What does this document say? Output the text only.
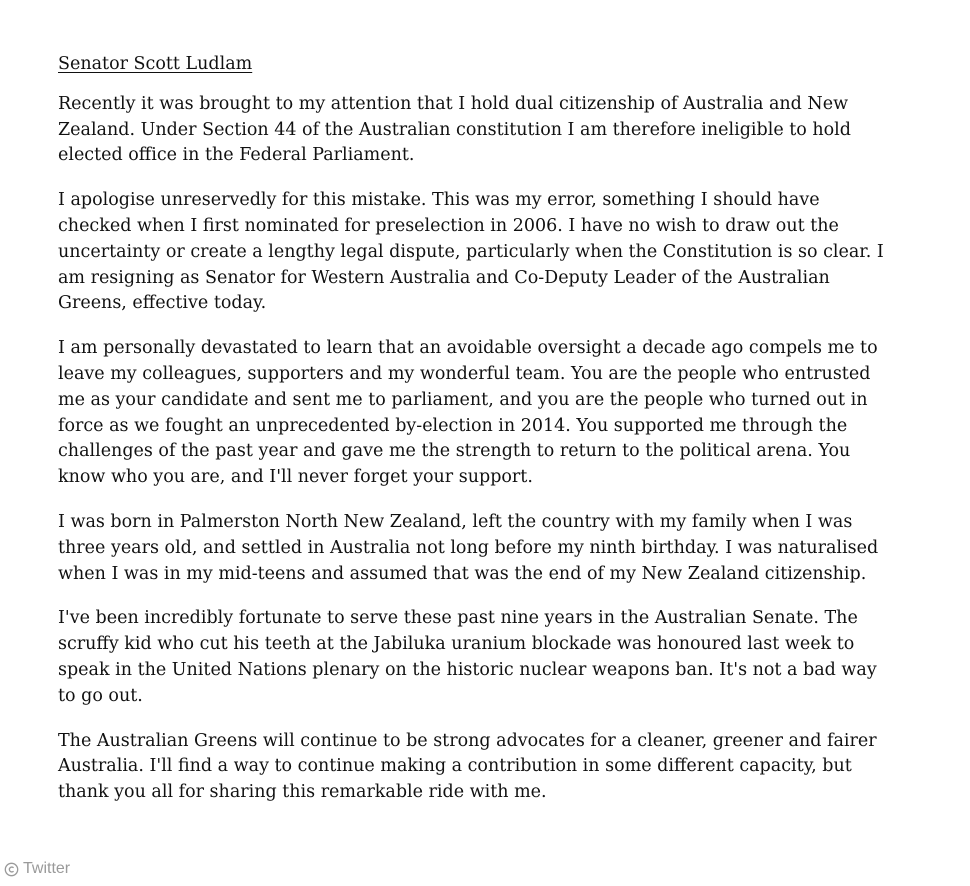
Senator Scott Ludlam
Recently it was brought to my attention that I hold dual citizenship of Australia and New
Zealand. Under Section 44 of the Australian constitution I am therefore ineligible to hold
elected office in the Federal Parliament.
I apologise unreservedly for this mistake. This was my error, something I should have
checked when I first nominated for preselection in 2006. I have no wish to draw out the
uncertainty or create a lengthy legal dispute, particularly when the Constitution is so clear. I
am resigning as Senator for Western Australia and Co-Deputy Leader of the Australian
Greens, effective today.
I am personally devastated to learn that an avoidable oversight a decade ago compels me to
leave my colleagues, supporters and my wonderful team. You are the people who entrusted
me as your candidate and sent me to parliament, and you are the people who turned out in
force as we fought an unprecedented by-election in 2014. You supported me through the
challenges of the past year and gave me the strength to return to the political arena. You
know who you are, and I'll never forget your support.
I was born in Palmerston North New Zealand, left the country with my family when I was
three years old, and settled in Australia not long before my ninth birthday. I was naturalised
when I was in my mid-teens and assumed that was the end of my New Zealand citizenship.
I've been incredibly fortunate to serve these past nine years in the Australian Senate. The
scruffy kid who cut his teeth at the Jabiluka uranium blockade was honoured last week to
speak in the United Nations plenary on the historic nuclear weapons ban. It's not a bad way
to go out.
The Australian Greens will continue to be strong advocates for a cleaner, greener and fairer
Australia. I'll find a way to continue making a contribution in some different capacity, but
thank you all for sharing this remarkable ride with me.
Twitter
